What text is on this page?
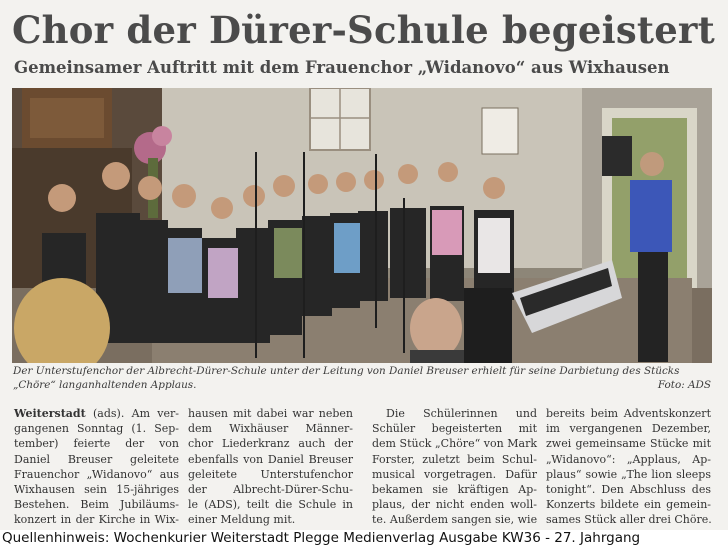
Chor der Dürer-Schule begeistert
Gemeinsamer Auftritt mit dem Frauenchor „Widanovo“ aus Wixhausen
Der Unterstufenchor der Albrecht-Dürer-Schule unter der Leitung von Daniel Breuser erhielt für seine Darbietung des Stücks
„Chöre“ langanhaltenden Applaus.	Foto: ADS
Weiterstadt (ads). Am ver-
gangenen Sonntag (1. Sep-
tember) feierte der von
Daniel Breuser geleitete
Frauenchor „Widanovo“ aus
Wixhausen sein 15-jähriges
Bestehen. Beim Jubiläums-
konzert in der Kirche in Wix-
hausen mit dabei war neben
dem Wixhäuser Männer-
chor Liederkranz auch der
ebenfalls von Daniel Breuser
geleitete Unterstufenchor
der Albrecht-Dürer-Schu-
le (ADS), teilt die Schule in
einer Meldung mit.
Die Schülerinnen und
Schüler begeisterten mit
dem Stück „Chöre“ von Mark
Forster, zuletzt beim Schul-
musical vorgetragen. Dafür
bekamen sie kräftigen Ap-
plaus, der nicht enden woll-
te. Außerdem sangen sie, wie
bereits beim Adventskonzert
im vergangenen Dezember,
zwei gemeinsame Stücke mit
„Widanovo“: „Applaus, Ap-
plaus“ sowie „The lion sleeps
tonight“. Den Abschluss des
Konzerts bildete ein gemein-
sames Stück aller drei Chöre.
Quellenhinweis: Wochenkurier Weiterstadt Plegge Medienverlag Ausgabe KW36 - 27. Jahrgang
